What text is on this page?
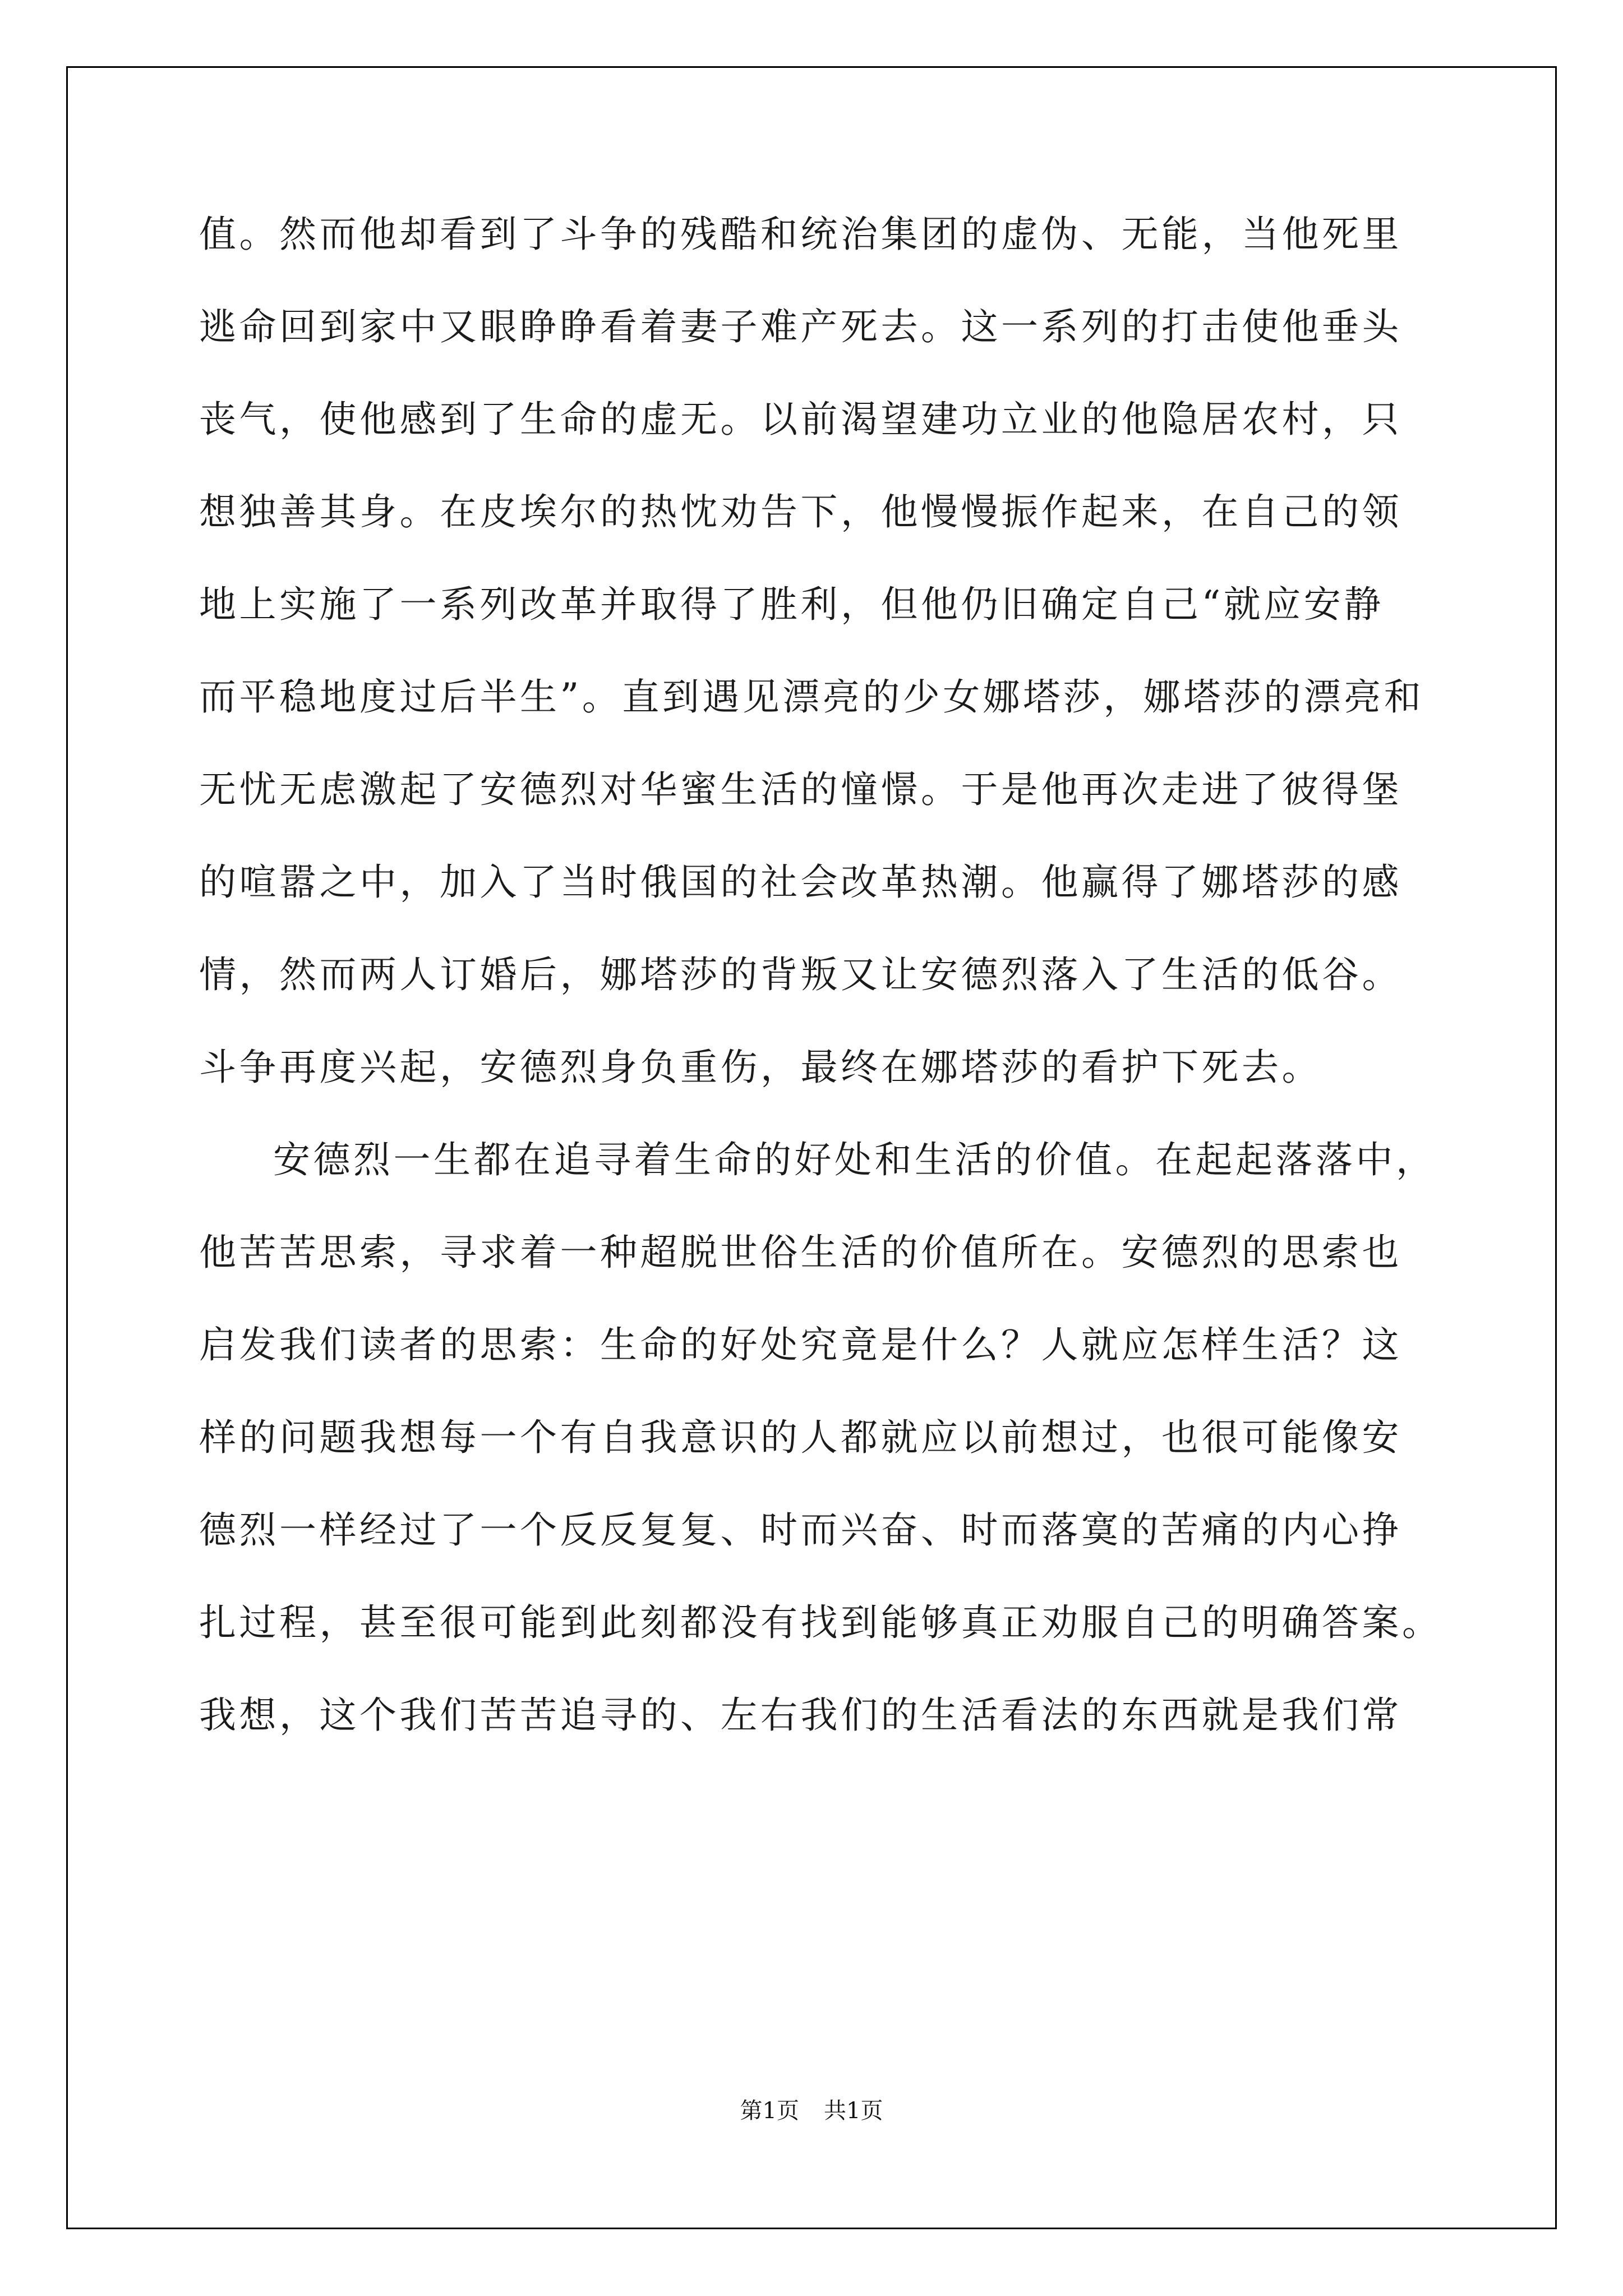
值。然而他却看到了斗争的残酷和统治集团的虚伪、无能，当他死里
逃命回到家中又眼睁睁看着妻子难产死去。这一系列的打击使他垂头
丧气，使他感到了生命的虚无。以前渴望建功立业的他隐居农村，只
想独善其身。在皮埃尔的热忱劝告下，他慢慢振作起来，在自己的领
地上实施了一系列改革并取得了胜利，但他仍旧确定自己“就应安静
而平稳地度过后半生”。直到遇见漂亮的少女娜塔莎，娜塔莎的漂亮和
无忧无虑激起了安德烈对华蜜生活的憧憬。于是他再次走进了彼得堡
的喧嚣之中，加入了当时俄国的社会改革热潮。他赢得了娜塔莎的感
情，然而两人订婚后，娜塔莎的背叛又让安德烈落入了生活的低谷。
斗争再度兴起，安德烈身负重伤，最终在娜塔莎的看护下死去。
安德烈一生都在追寻着生命的好处和生活的价值。在起起落落中，
他苦苦思索，寻求着一种超脱世俗生活的价值所在。安德烈的思索也
启发我们读者的思索：生命的好处究竟是什么？人就应怎样生活？这
样的问题我想每一个有自我意识的人都就应以前想过，也很可能像安
德烈一样经过了一个反反复复、时而兴奋、时而落寞的苦痛的内心挣
扎过程，甚至很可能到此刻都没有找到能够真正劝服自己的明确答案。
我想，这个我们苦苦追寻的、左右我们的生活看法的东西就是我们常
第1页 共1页
